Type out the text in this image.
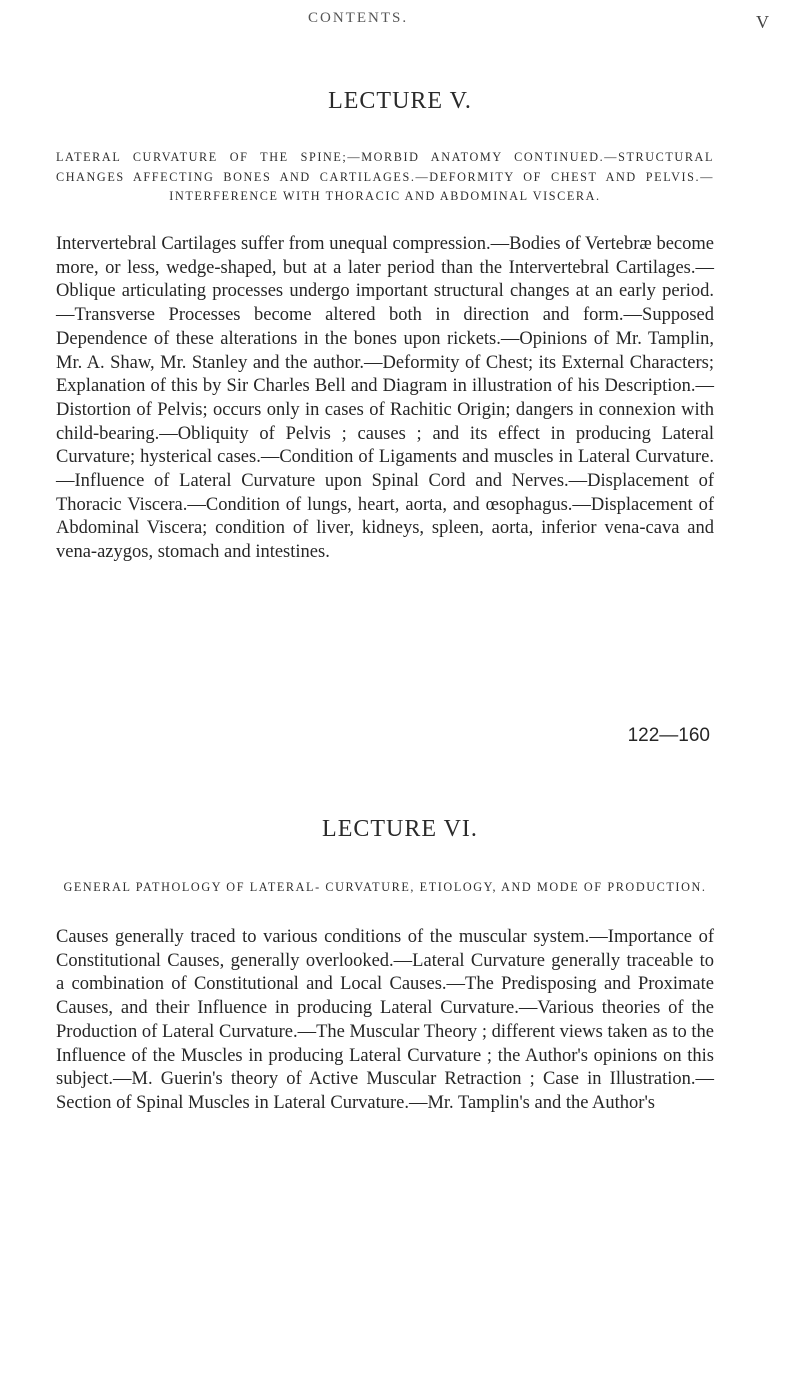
CONTENTS.	V
LECTURE V.
LATERAL CURVATURE OF THE SPINE;—MORBID ANATOMY CONTINUED.—STRUCTURAL CHANGES AFFECTING BONES AND CARTILAGES.—DEFORMITY OF CHEST AND PELVIS.—INTERFERENCE WITH THORACIC AND ABDOMINAL VISCERA.
Intervertebral Cartilages suffer from unequal compression.—Bodies of Vertebræ become more, or less, wedge-shaped, but at a later period than the Intervertebral Cartilages.—Oblique articulating processes undergo important structural changes at an early period.—Transverse Processes become altered both in direction and form.—Supposed Dependence of these alterations in the bones upon rickets.—Opinions of Mr. Tamplin, Mr. A. Shaw, Mr. Stanley and the author.—Deformity of Chest; its External Characters; Explanation of this by Sir Charles Bell and Diagram in illustration of his Description.—Distortion of Pelvis; occurs only in cases of Rachitic Origin; dangers in connexion with child-bearing.—Obliquity of Pelvis ; causes ; and its effect in producing Lateral Curvature; hysterical cases.—Condition of Ligaments and muscles in Lateral Curvature.—Influence of Lateral Curvature upon Spinal Cord and Nerves.—Displacement of Thoracic Viscera.—Condition of lungs, heart, aorta, and œsophagus.—Displacement of Abdominal Viscera; condition of liver, kidneys, spleen, aorta, inferior vena-cava and vena-azygos, stomach and intestines.
122—160
LECTURE VI.
GENERAL PATHOLOGY OF LATERAL- CURVATURE, ETIOLOGY, AND MODE OF PRODUCTION.
Causes generally traced to various conditions of the muscular system.—Importance of Constitutional Causes, generally overlooked.—Lateral Curvature generally traceable to a combination of Constitutional and Local Causes.—The Predisposing and Proximate Causes, and their Influence in producing Lateral Curvature.—Various theories of the Production of Lateral Curvature.—The Muscular Theory ; different views taken as to the Influence of the Muscles in producing Lateral Curvature ; the Author's opinions on this subject.—M. Guerin's theory of Active Muscular Retraction ; Case in Illustration.—Section of Spinal Muscles in Lateral Curvature.—Mr. Tamplin's and the Author's
